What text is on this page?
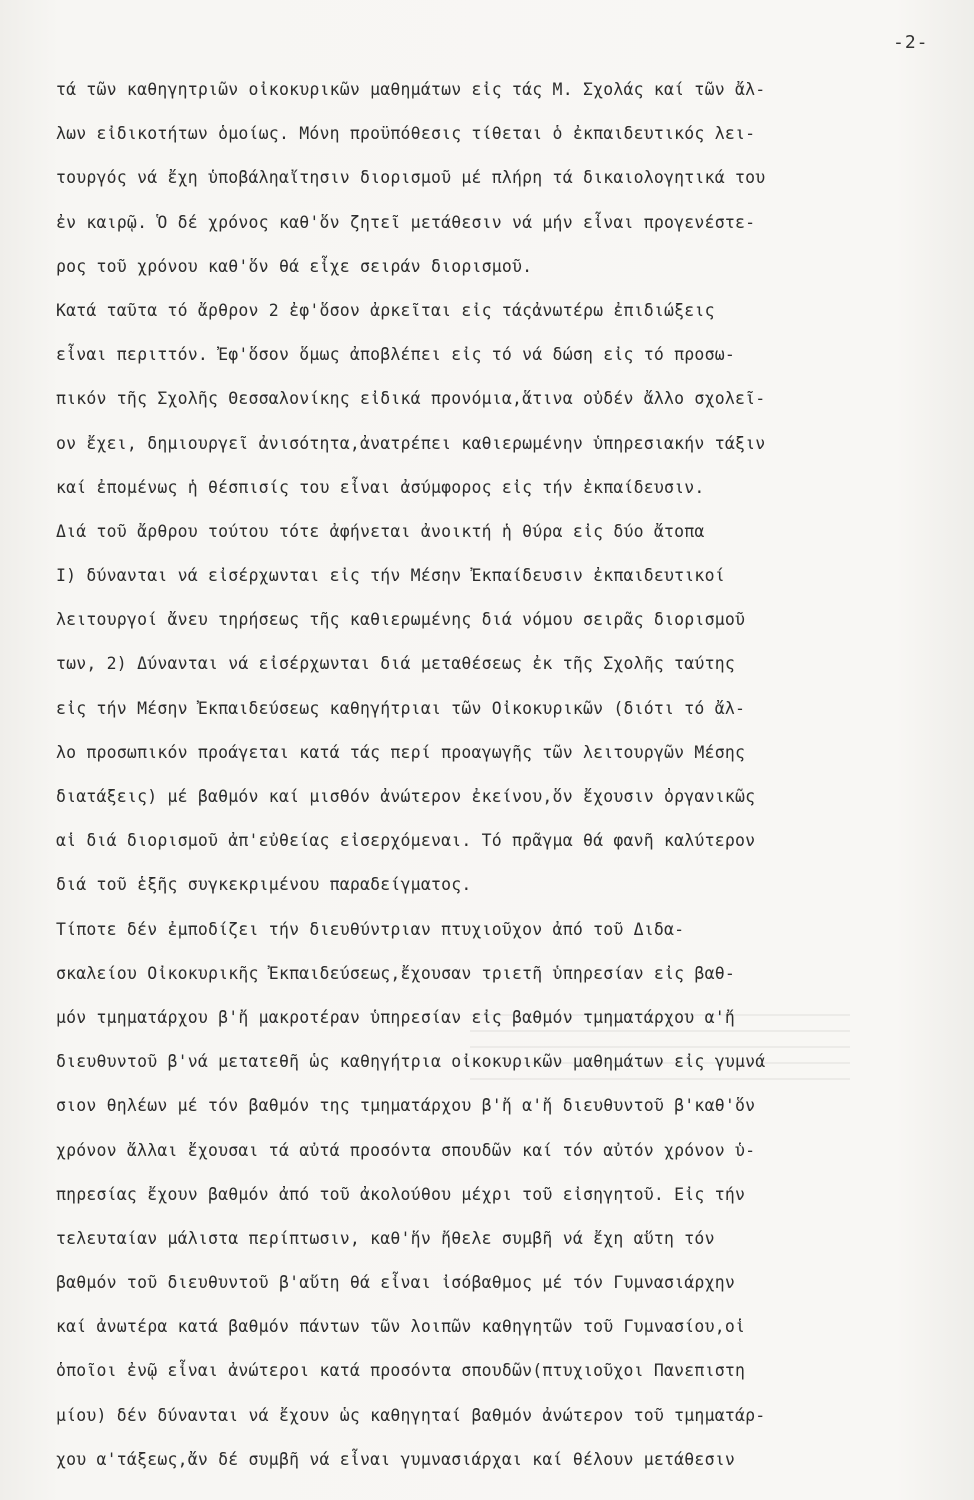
-2-
τά τῶν καθηγητριῶν οἰκοκυρικῶν μαθημάτων εἰς τάς Μ. Σχολάς καί τῶν ἄλ-
λων εἰδικοτήτων ὁμοίως. Μόνη προϋπόθεσις τίθεται ὁ ἐκπαιδευτικός λει-
τουργός νά ἔχη ὑποβάληαἴτησιν διορισμοῦ μέ πλήρη τά δικαιολογητικά του
ἐν καιρῷ. Ὁ δέ χρόνος καθ'ὅν ζητεῖ μετάθεσιν νά μήν εἶναι προγενέστε-
ρος τοῦ χρόνου καθ'ὅν θά εἶχε σειράν διορισμοῦ.
Κατά ταῦτα τό ἄρθρον 2 ἐφ'ὅσον ἀρκεῖται εἰς τάςἀνωτέρω ἐπιδιώξεις
εἶναι περιττόν. Ἐφ'ὅσον ὅμως ἀποβλέπει εἰς τό νά δώση εἰς τό προσω-
πικόν τῆς Σχολῆς Θεσσαλονίκης εἰδικά προνόμια,ἅτινα οὐδέν ἄλλο σχολεῖ-
ον ἔχει, δημιουργεῖ ἀνισότητα,ἀνατρέπει καθιερωμένην ὑπηρεσιακήν τάξιν
καί ἐπομένως ἡ θέσπισίς του εἶναι ἀσύμφορος εἰς τήν ἐκπαίδευσιν.
Διά τοῦ ἄρθρου τούτου τότε ἀφήνεται ἀνοικτή ἡ θύρα εἰς δύο ἄτοπα
Ι) δύνανται νά εἰσέρχωνται εἰς τήν Μέσην Ἐκπαίδευσιν ἐκπαιδευτικοί
λειτουργοί ἄνευ τηρήσεως τῆς καθιερωμένης διά νόμου σειρᾶς διορισμοῦ
των, 2) Δύνανται νά εἰσέρχωνται διά μεταθέσεως ἐκ τῆς Σχολῆς ταύτης
εἰς τήν Μέσην Ἐκπαιδεύσεως καθηγήτριαι τῶν Οἰκοκυρικῶν (διότι τό ἄλ-
λο προσωπικόν προάγεται κατά τάς περί προαγωγῆς τῶν λειτουργῶν Μέσης
διατάξεις) μέ βαθμόν καί μισθόν ἀνώτερον ἐκείνου,ὅν ἔχουσιν ὀργανικῶς
αἱ διά διορισμοῦ ἀπ'εὐθείας εἰσερχόμεναι. Τό πρᾶγμα θά φανῆ καλύτερον
διά τοῦ ἑξῆς συγκεκριμένου παραδείγματος.
Τίποτε δέν ἐμποδίζει τήν διευθύντριαν πτυχιοῦχον ἀπό τοῦ Διδα-
σκαλείου Οἰκοκυρικῆς Ἐκπαιδεύσεως,ἔχουσαν τριετῆ ὑπηρεσίαν εἰς βαθ-
μόν τμηματάρχου β'ἤ μακροτέραν ὑπηρεσίαν εἰς βαθμόν τμηματάρχου α'ἤ
διευθυντοῦ β'νά μετατεθῆ ὡς καθηγήτρια οἰκοκυρικῶν μαθημάτων εἰς γυμνά
σιον θηλέων μέ τόν βαθμόν της τμηματάρχου β'ἤ α'ἤ διευθυντοῦ β'καθ'ὅν
χρόνον ἄλλαι ἔχουσαι τά αὐτά προσόντα σπουδῶν καί τόν αὐτόν χρόνον ὑ-
πηρεσίας ἔχουν βαθμόν ἀπό τοῦ ἀκολούθου μέχρι τοῦ εἰσηγητοῦ. Εἰς τήν
τελευταίαν μάλιστα περίπτωσιν, καθ'ἥν ἤθελε συμβῆ νά ἔχη αὕτη τόν
βαθμόν τοῦ διευθυντοῦ β'αὕτη θά εἶναι ἰσόβαθμος μέ τόν Γυμνασιάρχην
καί ἀνωτέρα κατά βαθμόν πάντων τῶν λοιπῶν καθηγητῶν τοῦ Γυμνασίου,οἱ
ὁποῖοι ἐνῷ εἶναι ἀνώτεροι κατά προσόντα σπουδῶν(πτυχιοῦχοι Πανεπιστη
μίου) δέν δύνανται νά ἔχουν ὡς καθηγηταί βαθμόν ἀνώτερον τοῦ τμηματάρ-
χου α'τάξεως,ἄν δέ συμβῆ νά εἶναι γυμνασιάρχαι καί θέλουν μετάθεσιν
